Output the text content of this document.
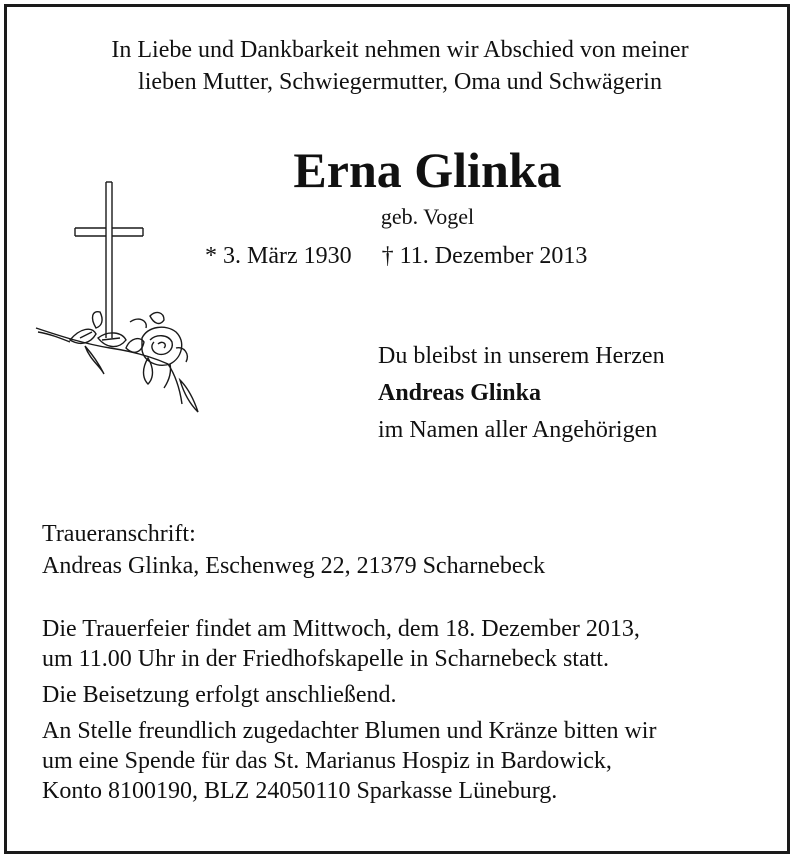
In Liebe und Dankbarkeit nehmen wir Abschied von meiner
lieben Mutter, Schwiegermutter, Oma und Schwägerin
Erna Glinka
geb. Vogel
* 3. März 1930 † 11. Dezember 2013
Du bleibst in unserem Herzen
Andreas Glinka
im Namen aller Angehörigen
Traueranschrift:
Andreas Glinka, Eschenweg 22, 21379 Scharnebeck

Die Trauerfeier findet am Mittwoch, dem 18. Dezember 2013,
um 11.00 Uhr in der Friedhofskapelle in Scharnebeck statt.

Die Beisetzung erfolgt anschließend.

An Stelle freundlich zugedachter Blumen und Kränze bitten wir
um eine Spende für das St. Marianus Hospiz in Bardowick,
Konto 8100190, BLZ 24050110 Sparkasse Lüneburg.
